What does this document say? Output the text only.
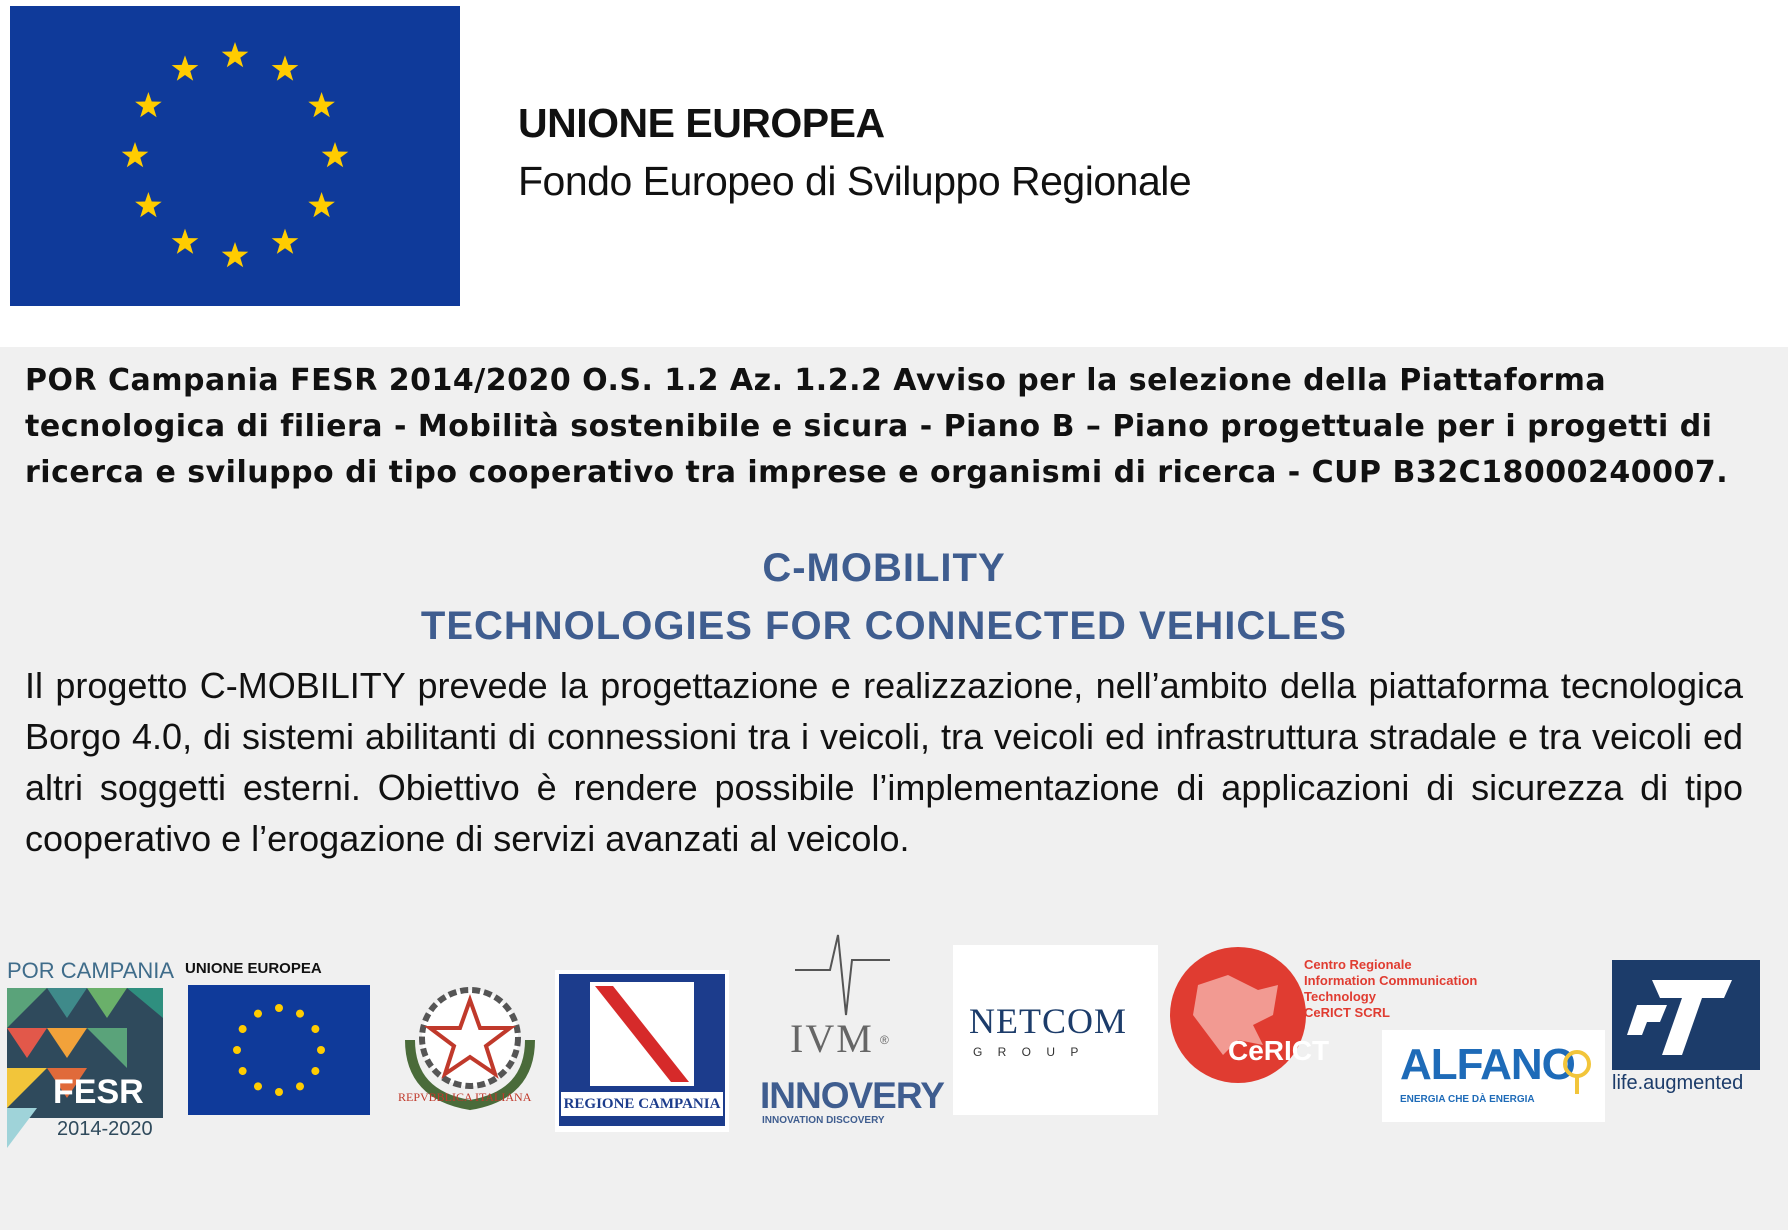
UNIONE EUROPEA
Fondo Europeo di Sviluppo Regionale
POR Campania FESR 2014/2020 O.S. 1.2 Az. 1.2.2 Avviso per la selezione della Piattaforma tecnologica di filiera - Mobilità sostenibile e sicura - Piano B – Piano progettuale per i progetti di ricerca e sviluppo di tipo cooperativo tra imprese e organismi di ricerca - CUP B32C18000240007.
C-MOBILITY
TECHNOLOGIES FOR CONNECTED VEHICLES
Il progetto C-MOBILITY prevede la progettazione e realizzazione, nell’ambito della piattaforma tecnologica Borgo 4.0, di sistemi abilitanti di connessioni tra i veicoli, tra veicoli ed infrastruttura stradale e tra veicoli ed altri soggetti esterni. Obiettivo è rendere possibile l’implementazione di applicazioni di sicurezza di tipo cooperativo e l’erogazione di servizi avanzati al veicolo.
POR CAMPANIA
FESR
2014-2020
UNIONE EUROPEA
REPVBBLICA ITALIANA REGIONE CAMPANIA
IVM ®
INNOVERY
INNOVATION DISCOVERY
NETCOM
G R O U P	CeRICT
Centro Regionale
Information Communication
Technology
CeRICT SCRL
ALFANO
ENERGIA CHE DÀ ENERGIA
life.augmented
